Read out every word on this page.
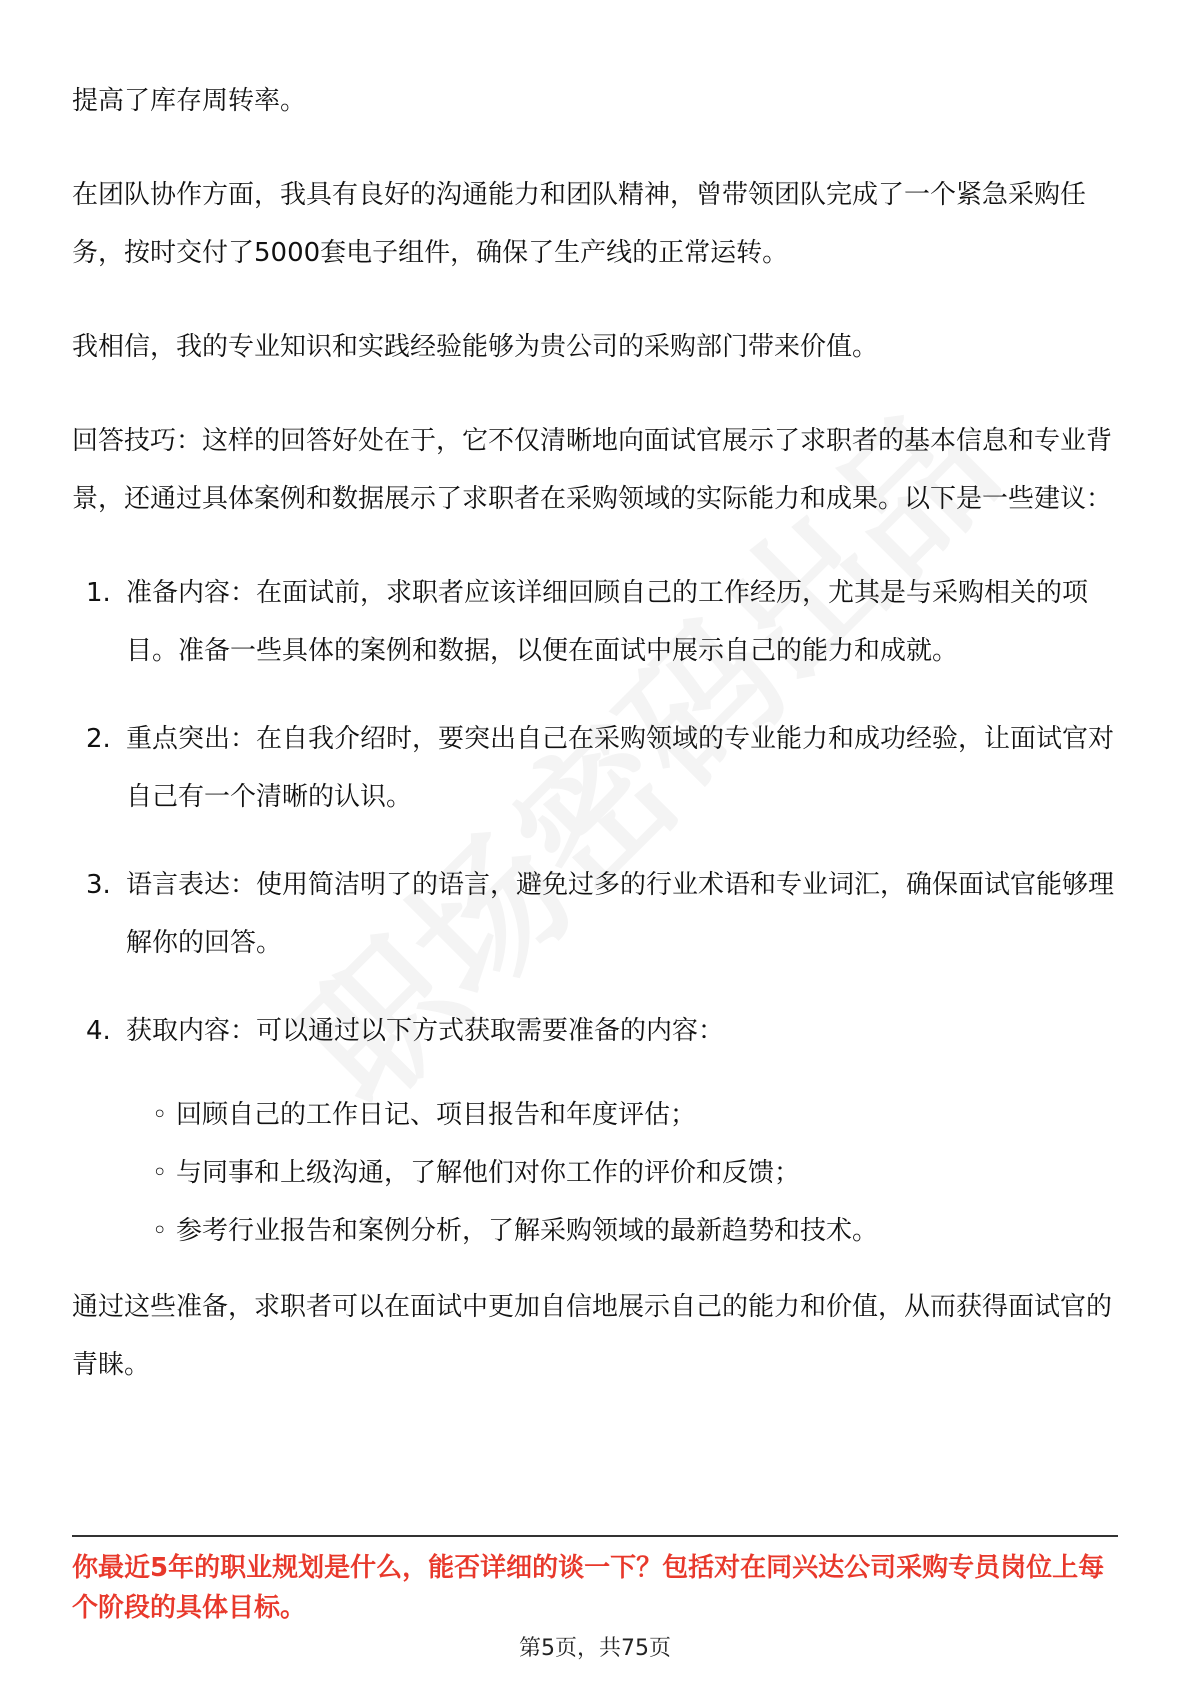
提高了库存周转率。

在团队协作方面，我具有良好的沟通能力和团队精神，曾带领团队完成了一个紧急采购任务，按时交付了5000套电子组件，确保了生产线的正常运转。

我相信，我的专业知识和实践经验能够为贵公司的采购部门带来价值。

回答技巧：这样的回答好处在于，它不仅清晰地向面试官展示了求职者的基本信息和专业背景，还通过具体案例和数据展示了求职者在采购领域的实际能力和成果。以下是一些建议：

1. 准备内容：在面试前，求职者应该详细回顾自己的工作经历，尤其是与采购相关的项目。准备一些具体的案例和数据，以便在面试中展示自己的能力和成就。
2. 重点突出：在自我介绍时，要突出自己在采购领域的专业能力和成功经验，让面试官对自己有一个清晰的认识。
3. 语言表达：使用简洁明了的语言，避免过多的行业术语和专业词汇，确保面试官能够理解你的回答。
4. 获取内容：可以通过以下方式获取需要准备的内容：
◦ 回顾自己的工作日记、项目报告和年度评估；
◦ 与同事和上级沟通，了解他们对你工作的评价和反馈；
◦ 参考行业报告和案例分析，了解采购领域的最新趋势和技术。

通过这些准备，求职者可以在面试中更加自信地展示自己的能力和价值，从而获得面试官的青睐。

你最近5年的职业规划是什么，能否详细的谈一下？包括对在同兴达公司采购专员岗位上每个阶段的具体目标。
第5页，共75页
